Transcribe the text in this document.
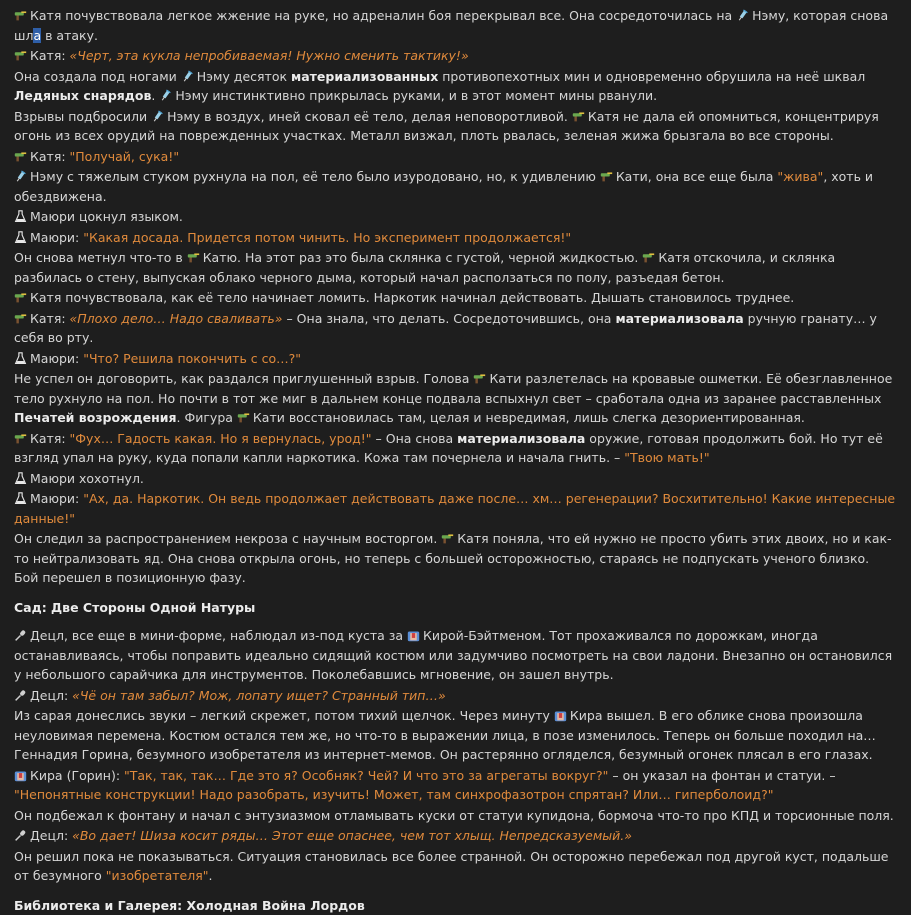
Катя почувствовала легкое жжение на руке, но адреналин боя перекрывал все. Она сосредоточилась на Нэму, которая снова шла в атаку.

Катя: «Черт, эта кукла непробиваемая! Нужно сменить тактику!»

Она создала под ногами Нэму десяток материализованных противопехотных мин и одновременно обрушила на неё шквал Ледяных снарядов. Нэму инстинктивно прикрылась руками, и в этот момент мины рванули.

Взрывы подбросили Нэму в воздух, иней сковал её тело, делая неповоротливой. Катя не дала ей опомниться, концентрируя огонь из всех орудий на поврежденных участках. Металл визжал, плоть рвалась, зеленая жижа брызгала во все стороны.

Катя: "Получай, сука!"

Нэму с тяжелым стуком рухнула на пол, её тело было изуродовано, но, к удивлению Кати, она все еще была "жива", хоть и обездвижена.

Маюри цокнул языком.

Маюри: "Какая досада. Придется потом чинить. Но эксперимент продолжается!"

Он снова метнул что-то в Катю. На этот раз это была склянка с густой, черной жидкостью. Катя отскочила, и склянка разбилась о стену, выпуская облако черного дыма, который начал расползаться по полу, разъедая бетон.

Катя почувствовала, как её тело начинает ломить. Наркотик начинал действовать. Дышать становилось труднее.

Катя: «Плохо дело… Надо сваливать» – Она знала, что делать. Сосредоточившись, она материализовала ручную гранату… у себя во рту.

Маюри: "Что? Решила покончить с со…?"

Не успел он договорить, как раздался приглушенный взрыв. Голова Кати разлетелась на кровавые ошметки. Её обезглавленное тело рухнуло на пол. Но почти в тот же миг в дальнем конце подвала вспыхнул свет – сработала одна из заранее расставленных Печатей возрождения. Фигура Кати восстановилась там, целая и невредимая, лишь слегка дезориентированная.

Катя: "Фух… Гадость какая. Но я вернулась, урод!" – Она снова материализовала оружие, готовая продолжить бой. Но тут её взгляд упал на руку, куда попали капли наркотика. Кожа там почернела и начала гнить. – "Твою мать!"

Маюри хохотнул.

Маюри: "Ах, да. Наркотик. Он ведь продолжает действовать даже после… хм… регенерации? Восхитительно! Какие интересные данные!"

Он следил за распространением некроза с научным восторгом. Катя поняла, что ей нужно не просто убить этих двоих, но и как-то нейтрализовать яд. Она снова открыла огонь, но теперь с большей осторожностью, стараясь не подпускать ученого близко. Бой перешел в позиционную фазу.

Сад: Две Стороны Одной Натуры

Децл, все еще в мини-форме, наблюдал из-под куста за Кирой-Бэйтменом. Тот прохаживался по дорожкам, иногда останавливаясь, чтобы поправить идеально сидящий костюм или задумчиво посмотреть на свои ладони. Внезапно он остановился у небольшого сарайчика для инструментов. Поколебавшись мгновение, он зашел внутрь.

Децл: «Чё он там забыл? Мож, лопату ищет? Странный тип…»

Из сарая донеслись звуки – легкий скрежет, потом тихий щелчок. Через минуту Кира вышел. В его облике снова произошла неуловимая перемена. Костюм остался тем же, но что-то в выражении лица, в позе изменилось. Теперь он больше походил на… Геннадия Горина, безумного изобретателя из интернет-мемов. Он растерянно огляделся, безумный огонек плясал в его глазах.

Кира (Горин): "Так, так, так… Где это я? Особняк? Чей? И что это за агрегаты вокруг?" – он указал на фонтан и статуи. – "Непонятные конструкции! Надо разобрать, изучить! Может, там синхрофазотрон спрятан? Или… гиперболоид?"

Он подбежал к фонтану и начал с энтузиазмом отламывать куски от статуи купидона, бормоча что-то про КПД и торсионные поля.

Децл: «Во дает! Шиза косит ряды… Этот еще опаснее, чем тот хлыщ. Непредсказуемый.»

Он решил пока не показываться. Ситуация становилась все более странной. Он осторожно перебежал под другой куст, подальше от безумного "изобретателя".

Библиотека и Галерея: Холодная Война Лордов
